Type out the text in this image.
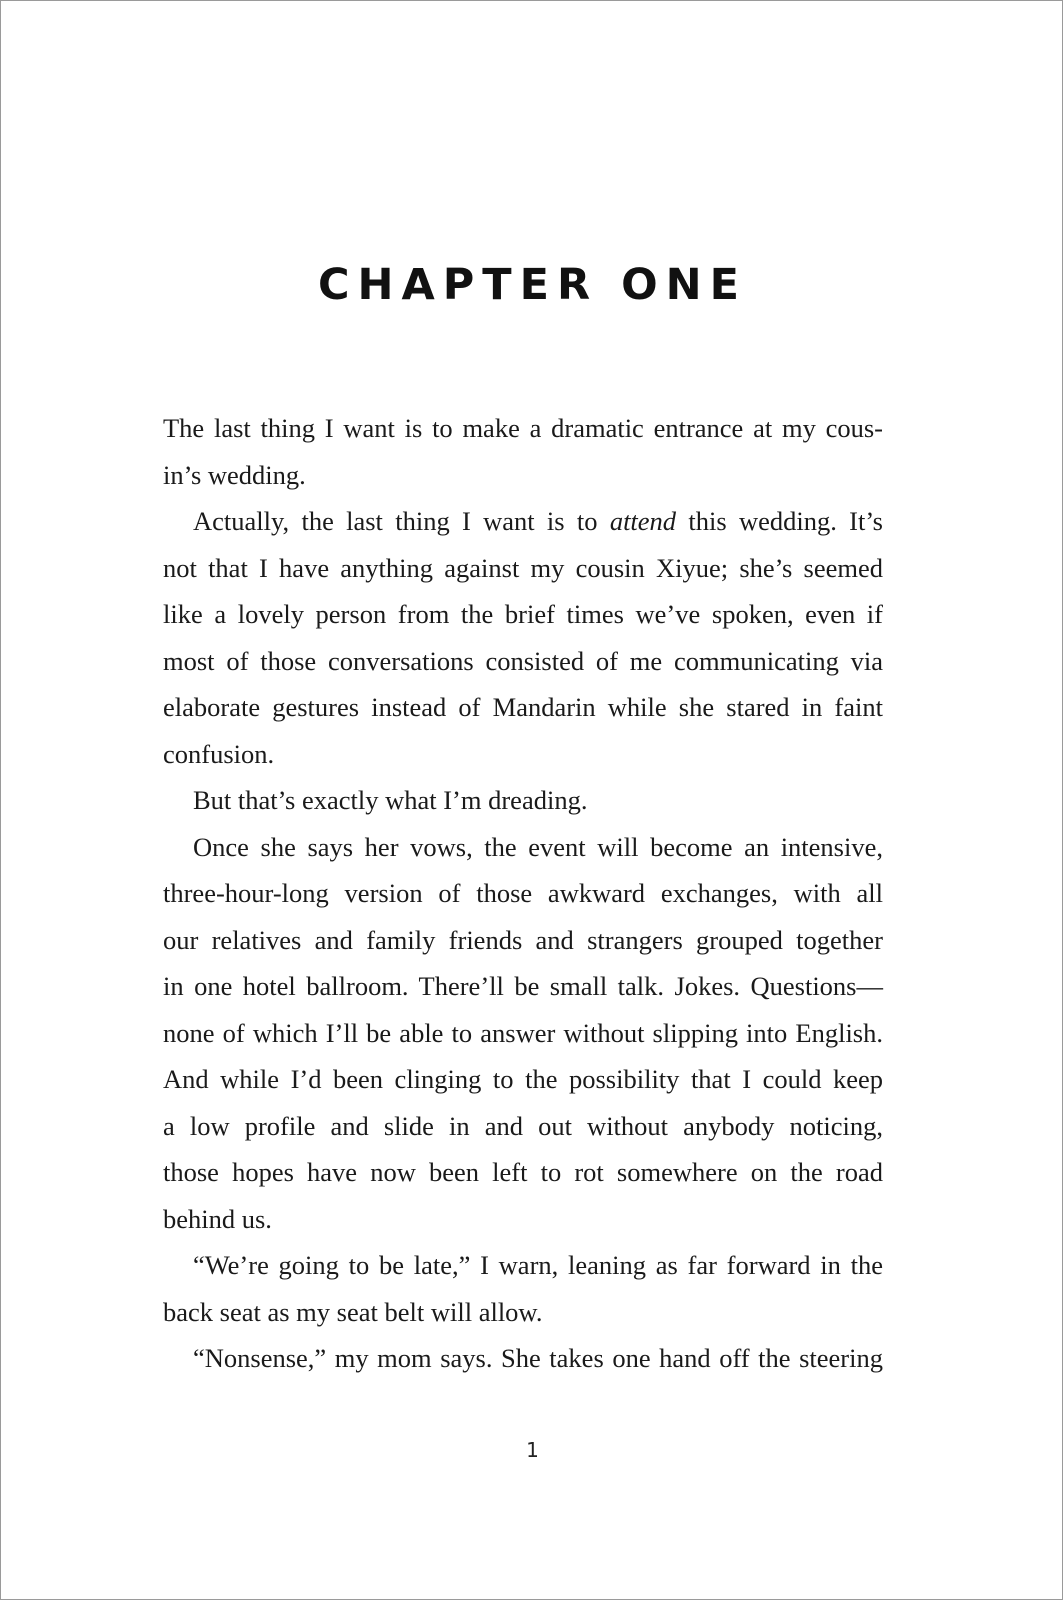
CHAPTER ONE
The last thing I want is to make a dramatic entrance at my cous-
in’s wedding.
Actually, the last thing I want is to attend this wedding. It’s
not that I have anything against my cousin Xiyue; she’s seemed
like a lovely person from the brief times we’ve spoken, even if
most of those conversations consisted of me communicating via
elaborate gestures instead of Mandarin while she stared in faint
confusion.
But that’s exactly what I’m dreading.
Once she says her vows, the event will become an intensive,
three-hour-long version of those awkward exchanges, with all
our relatives and family friends and strangers grouped together
in one hotel ballroom. There’ll be small talk. Jokes. Questions—
none of which I’ll be able to answer without slipping into English.
And while I’d been clinging to the possibility that I could keep
a low profile and slide in and out without anybody noticing,
those hopes have now been left to rot somewhere on the road
behind us.
“We’re going to be late,” I warn, leaning as far forward in the
back seat as my seat belt will allow.
“Nonsense,” my mom says. She takes one hand off the steering
1
